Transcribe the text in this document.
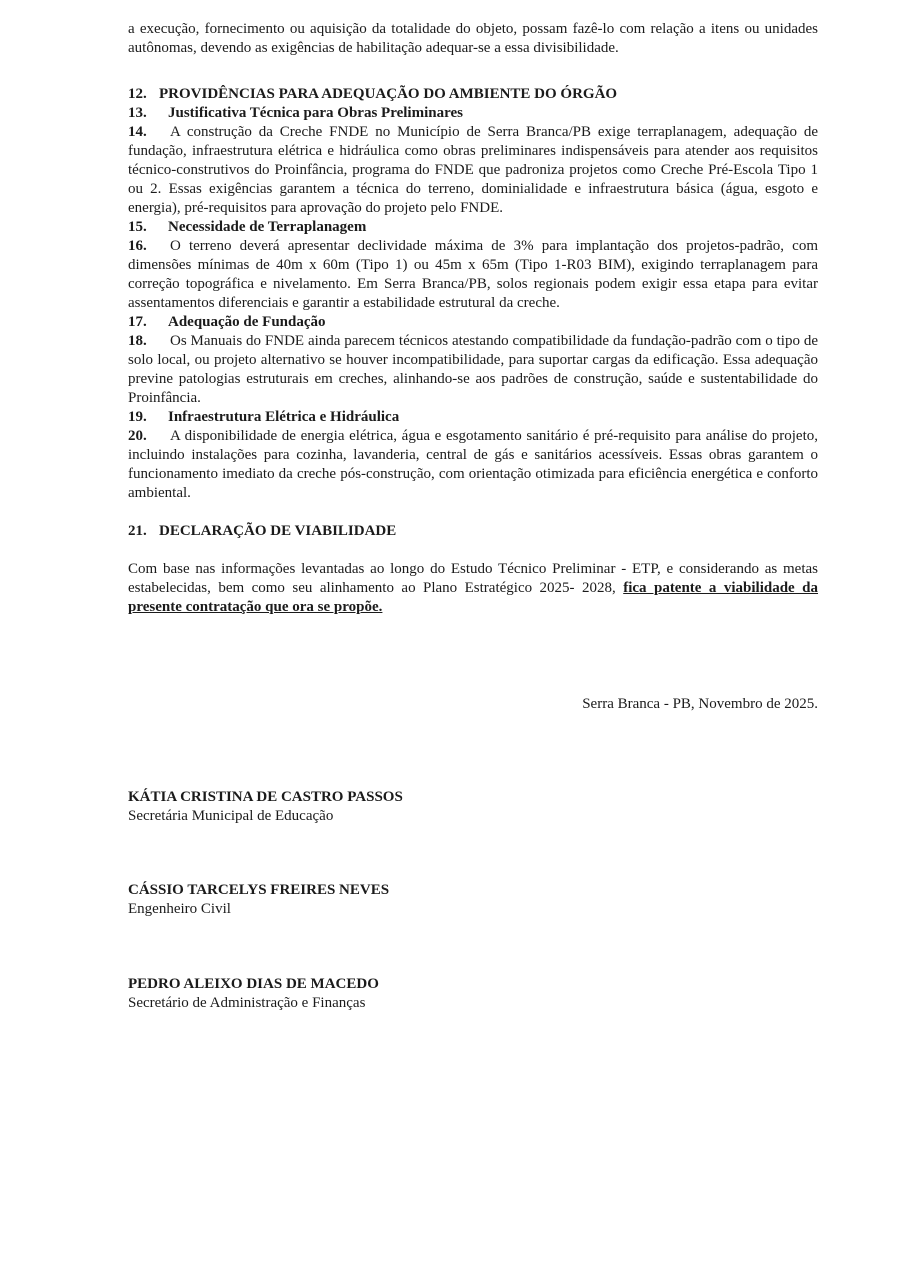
a execução, fornecimento ou aquisição da totalidade do objeto, possam fazê-lo com relação a itens ou unidades autônomas, devendo as exigências de habilitação adequar-se a essa divisibilidade.

12. PROVIDÊNCIAS PARA ADEQUAÇÃO DO AMBIENTE DO ÓRGÃO

13. Justificativa Técnica para Obras Preliminares

14. A construção da Creche FNDE no Município de Serra Branca/PB exige terraplanagem, adequação de fundação, infraestrutura elétrica e hidráulica como obras preliminares indispensáveis para atender aos requisitos técnico-construtivos do Proinfância, programa do FNDE que padroniza projetos como Creche Pré-Escola Tipo 1 ou 2. Essas exigências garantem a técnica do terreno, dominialidade e infraestrutura básica (água, esgoto e energia), pré-requisitos para aprovação do projeto pelo FNDE.

15. Necessidade de Terraplanagem

16. O terreno deverá apresentar declividade máxima de 3% para implantação dos projetos-padrão, com dimensões mínimas de 40m x 60m (Tipo 1) ou 45m x 65m (Tipo 1-R03 BIM), exigindo terraplanagem para correção topográfica e nivelamento. Em Serra Branca/PB, solos regionais podem exigir essa etapa para evitar assentamentos diferenciais e garantir a estabilidade estrutural da creche.

17. Adequação de Fundação

18. Os Manuais do FNDE ainda parecem técnicos atestando compatibilidade da fundação-padrão com o tipo de solo local, ou projeto alternativo se houver incompatibilidade, para suportar cargas da edificação. Essa adequação previne patologias estruturais em creches, alinhando-se aos padrões de construção, saúde e sustentabilidade do Proinfância.

19. Infraestrutura Elétrica e Hidráulica

20. A disponibilidade de energia elétrica, água e esgotamento sanitário é pré-requisito para análise do projeto, incluindo instalações para cozinha, lavanderia, central de gás e sanitários acessíveis. Essas obras garantem o funcionamento imediato da creche pós-construção, com orientação otimizada para eficiência energética e conforto ambiental.

21. DECLARAÇÃO DE VIABILIDADE

Com base nas informações levantadas ao longo do Estudo Técnico Preliminar - ETP, e considerando as metas estabelecidas, bem como seu alinhamento ao Plano Estratégico 2025- 2028, fica patente a viabilidade da presente contratação que ora se propõe.

Serra Branca - PB, Novembro de 2025.

KÁTIA CRISTINA DE CASTRO PASSOS
Secretária Municipal de Educação
CÁSSIO TARCELYS FREIRES NEVES
Engenheiro Civil
PEDRO ALEIXO DIAS DE MACEDO
Secretário de Administração e Finanças
